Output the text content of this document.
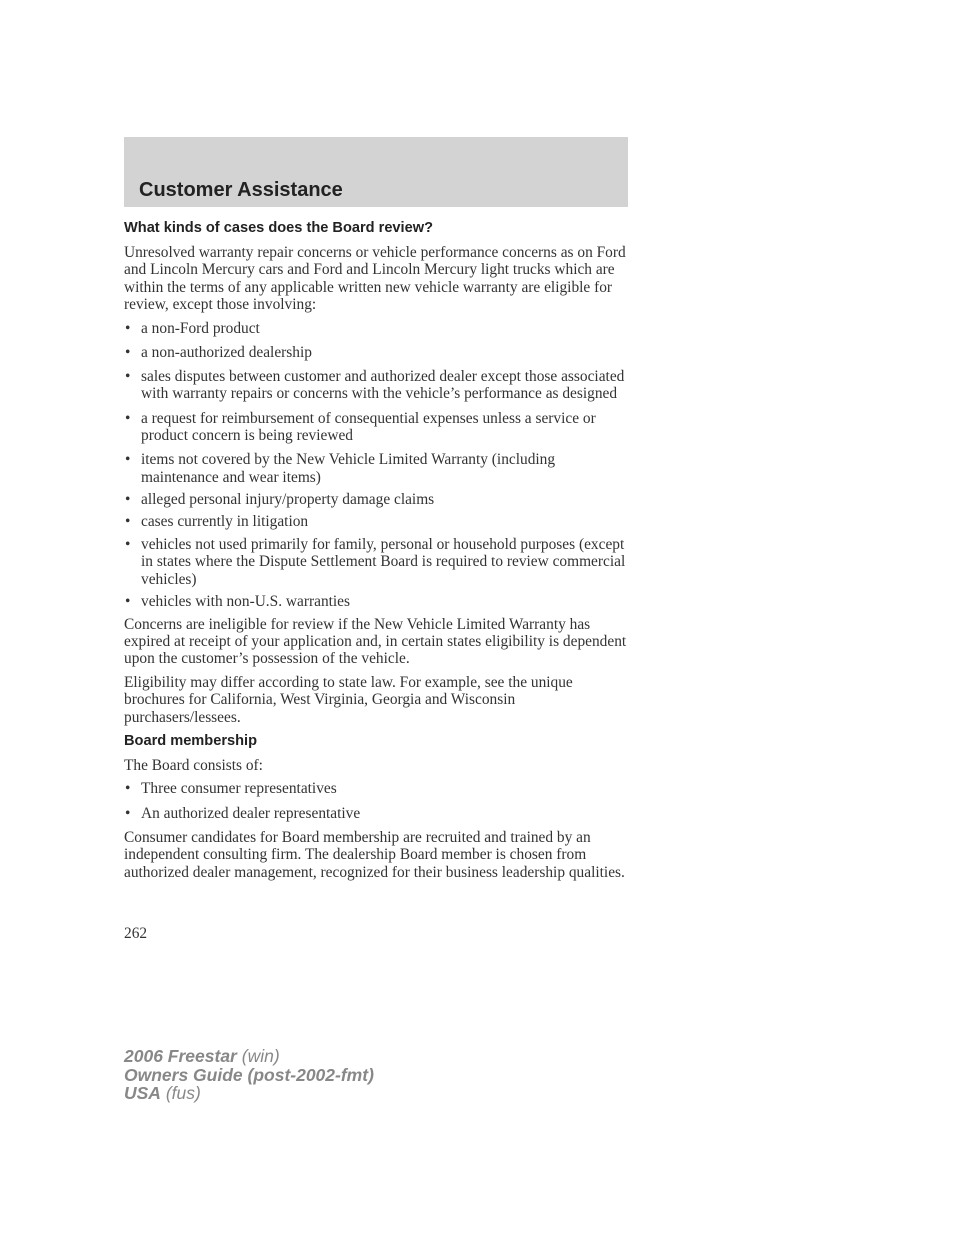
Customer Assistance
What kinds of cases does the Board review?

Unresolved warranty repair concerns or vehicle performance concerns as on Ford and Lincoln Mercury cars and Ford and Lincoln Mercury light trucks which are within the terms of any applicable written new vehicle warranty are eligible for review, except those involving:

• a non-Ford product
• a non-authorized dealership
• sales disputes between customer and authorized dealer except those associated with warranty repairs or concerns with the vehicle’s performance as designed
• a request for reimbursement of consequential expenses unless a service or product concern is being reviewed
• items not covered by the New Vehicle Limited Warranty (including maintenance and wear items)
• alleged personal injury/property damage claims
• cases currently in litigation
• vehicles not used primarily for family, personal or household purposes (except in states where the Dispute Settlement Board is required to review commercial vehicles)
• vehicles with non-U.S. warranties

Concerns are ineligible for review if the New Vehicle Limited Warranty has expired at receipt of your application and, in certain states eligibility is dependent upon the customer’s possession of the vehicle.

Eligibility may differ according to state law. For example, see the unique brochures for California, West Virginia, Georgia and Wisconsin purchasers/lessees.

Board membership

The Board consists of:

• Three consumer representatives
• An authorized dealer representative

Consumer candidates for Board membership are recruited and trained by an independent consulting firm. The dealership Board member is chosen from authorized dealer management, recognized for their business leadership qualities.

262
2006 Freestar (win)
Owners Guide (post-2002-fmt)
USA (fus)
